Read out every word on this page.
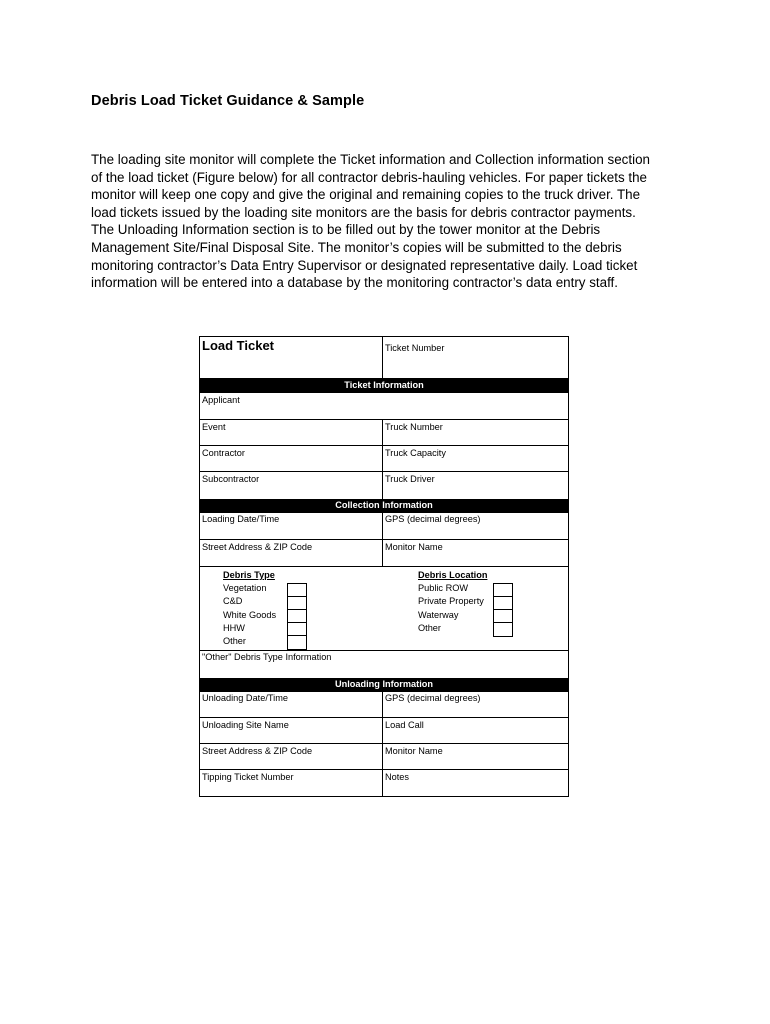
Debris Load Ticket Guidance & Sample
The loading site monitor will complete the Ticket information and Collection information section
of the load ticket (Figure below) for all contractor debris-hauling vehicles. For paper tickets the
monitor will keep one copy and give the original and remaining copies to the truck driver. The
load tickets issued by the loading site monitors are the basis for debris contractor payments.
The Unloading Information section is to be filled out by the tower monitor at the Debris
Management Site/Final Disposal Site. The monitor’s copies will be submitted to the debris
monitoring contractor’s Data Entry Supervisor or designated representative daily. Load ticket
information will be entered into a database by the monitoring contractor’s data entry staff.
Load Ticket	Ticket Number
Ticket Information
Applicant
Event	Truck Number
Contractor	Truck Capacity
Subcontractor	Truck Driver
Collection Information
Loading Date/Time	GPS (decimal degrees)
Street Address & ZIP Code	Monitor Name
Debris Type
Vegetation
C&D
White Goods
HHW
Other
Debris Location
Public ROW
Private Property
Waterway
Other
"Other" Debris Type Information
Unloading Information
Unloading Date/Time	GPS (decimal degrees)
Unloading Site Name	Load Call
Street Address & ZIP Code	Monitor Name
Tipping Ticket Number	Notes
